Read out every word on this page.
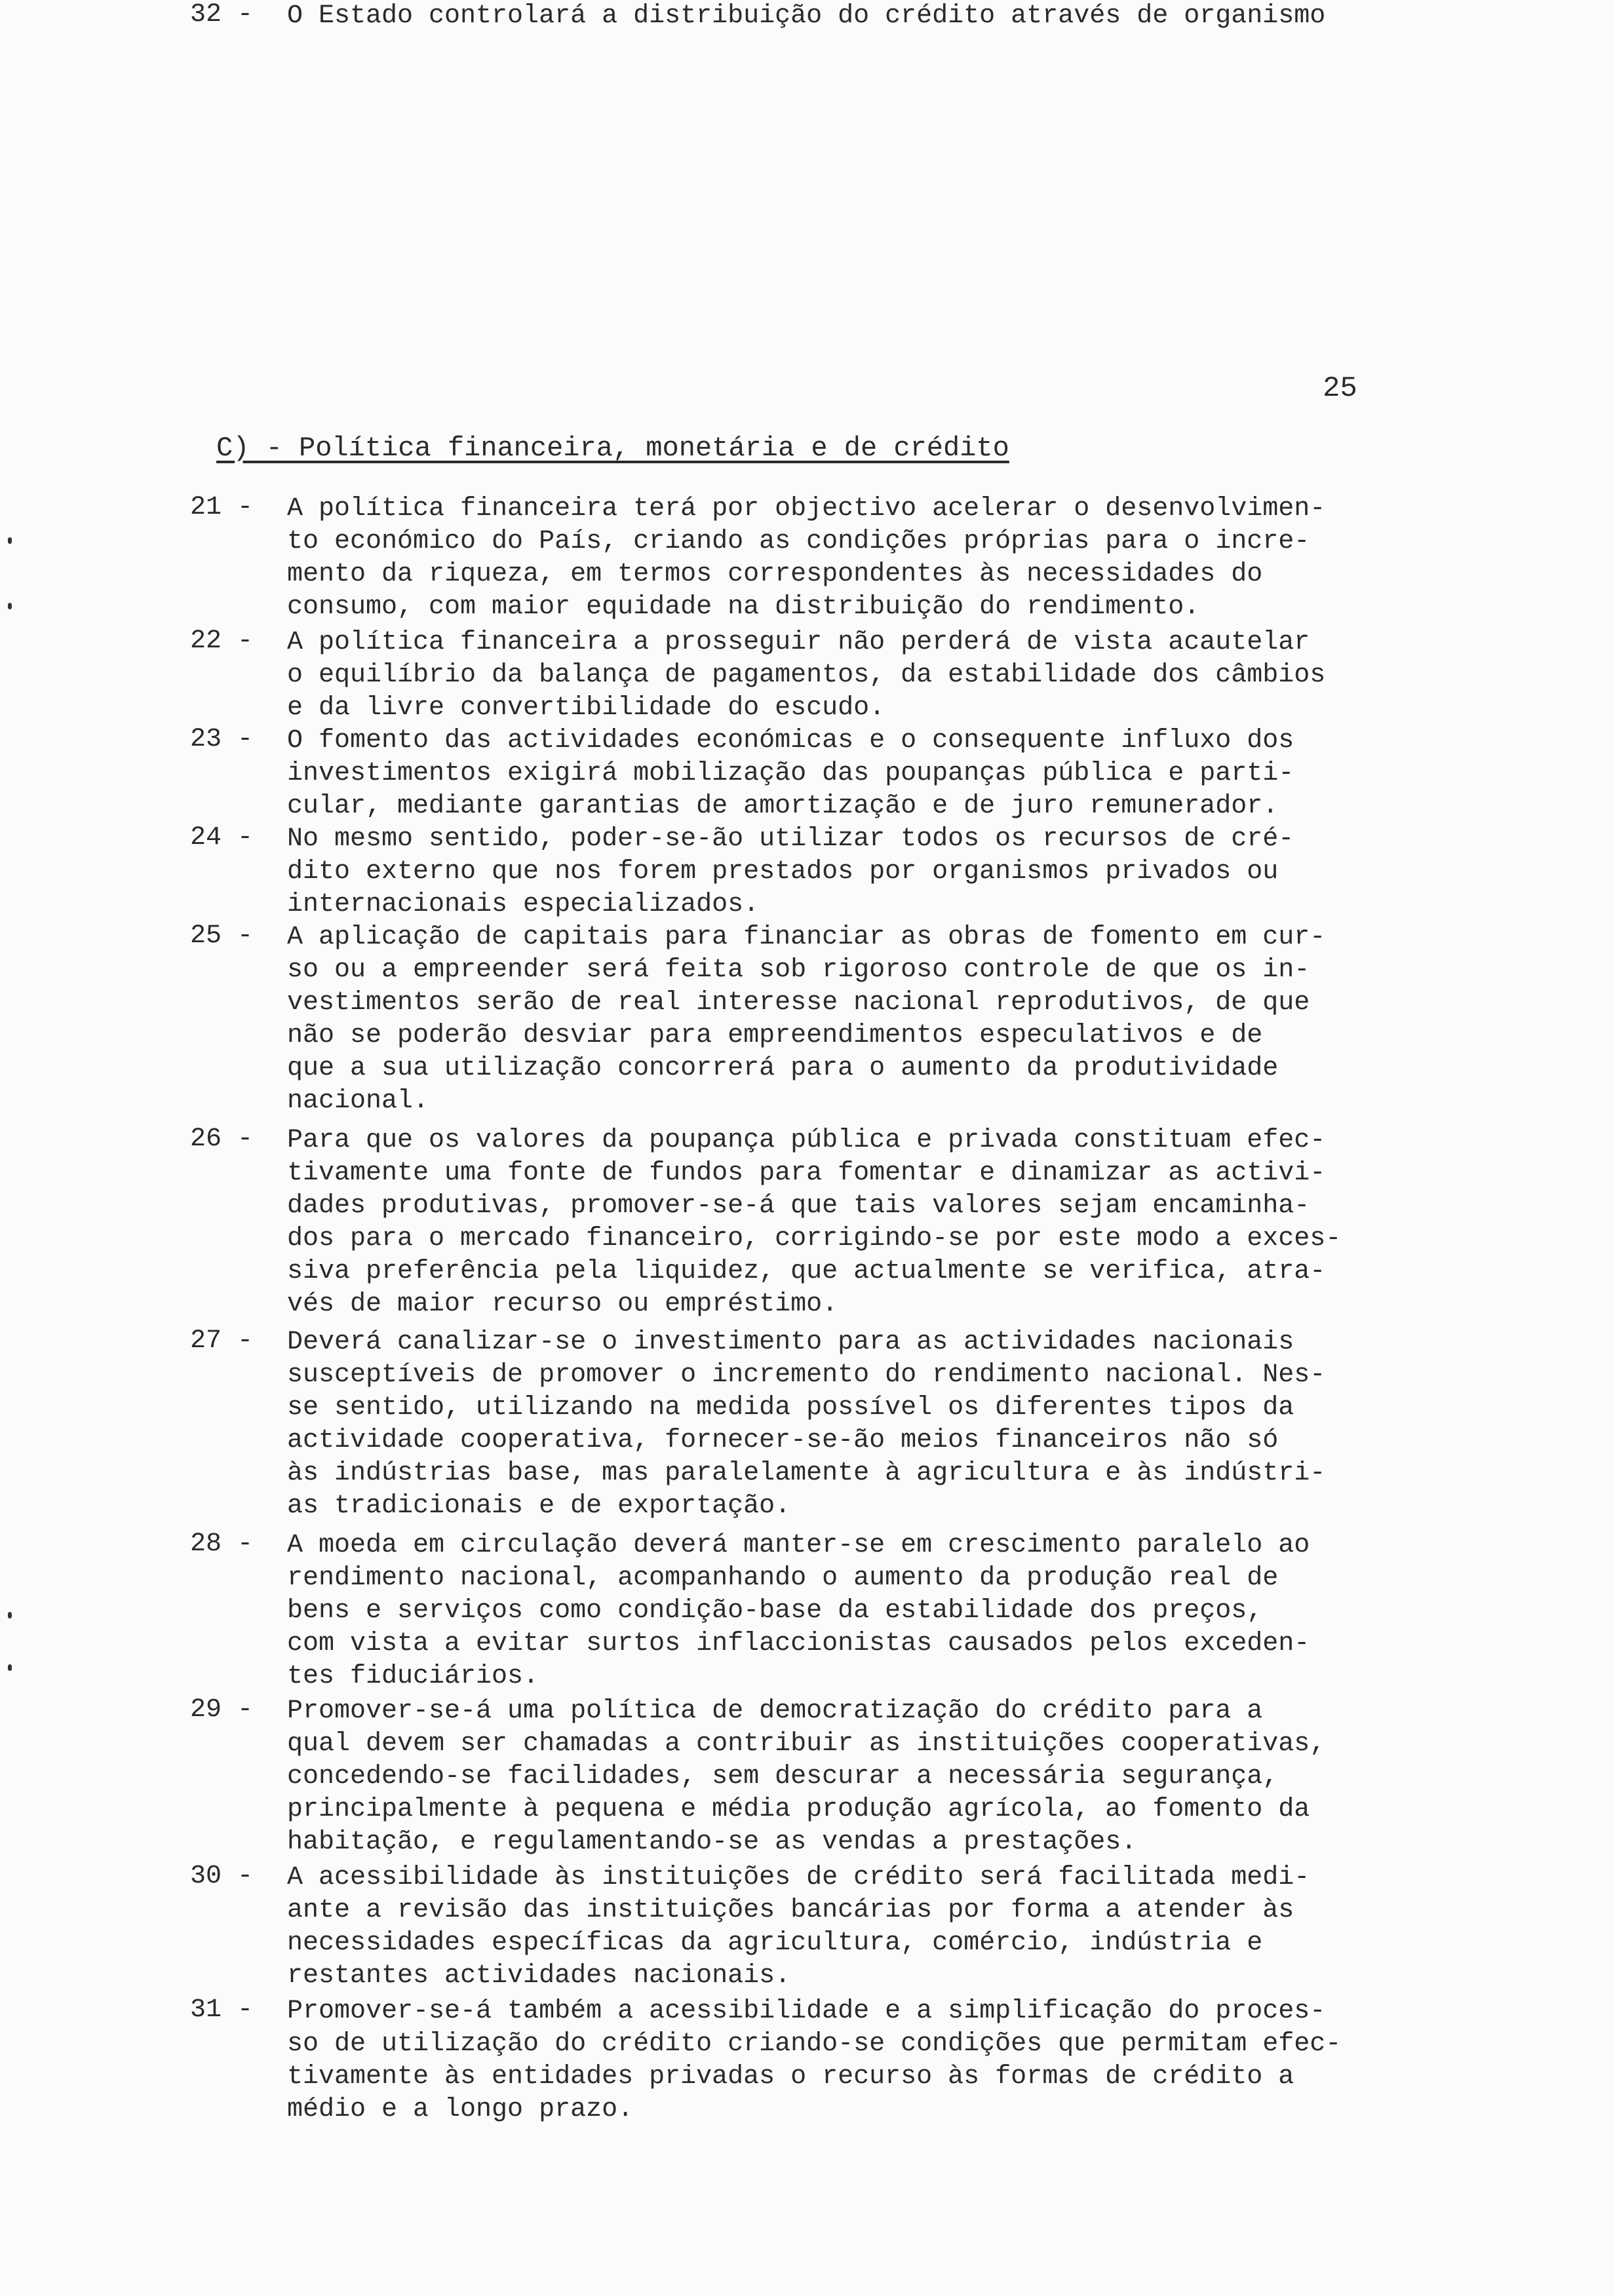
25
C) - Política financeira, monetária e de crédito
21 -	A política financeira terá por objectivo acelerar o desenvolvimen-
to económico do País, criando as condições próprias para o incre-
mento da riqueza, em termos correspondentes às necessidades do
consumo, com maior equidade na distribuição do rendimento.
22 -	A política financeira a prosseguir não perderá de vista acautelar
o equilíbrio da balança de pagamentos, da estabilidade dos câmbios
e da livre convertibilidade do escudo.
23 -	O fomento das actividades económicas e o consequente influxo dos
investimentos exigirá mobilização das poupanças pública e parti-
cular, mediante garantias de amortização e de juro remunerador.
24 -	No mesmo sentido, poder-se-ão utilizar todos os recursos de cré-
dito externo que nos forem prestados por organismos privados ou
internacionais especializados.
25 -	A aplicação de capitais para financiar as obras de fomento em cur-
so ou a empreender será feita sob rigoroso controle de que os in-
vestimentos serão de real interesse nacional reprodutivos, de que
não se poderão desviar para empreendimentos especulativos e de
que a sua utilização concorrerá para o aumento da produtividade
nacional.
26 -	Para que os valores da poupança pública e privada constituam efec-
tivamente uma fonte de fundos para fomentar e dinamizar as activi-
dades produtivas, promover-se-á que tais valores sejam encaminha-
dos para o mercado financeiro, corrigindo-se por este modo a exces-
siva preferência pela liquidez, que actualmente se verifica, atra-
vés de maior recurso ou empréstimo.
27 -	Deverá canalizar-se o investimento para as actividades nacionais
susceptíveis de promover o incremento do rendimento nacional. Nes-
se sentido, utilizando na medida possível os diferentes tipos da
actividade cooperativa, fornecer-se-ão meios financeiros não só
às indústrias base, mas paralelamente à agricultura e às indústri-
as tradicionais e de exportação.
28 -	A moeda em circulação deverá manter-se em crescimento paralelo ao
rendimento nacional, acompanhando o aumento da produção real de
bens e serviços como condição-base da estabilidade dos preços,
com vista a evitar surtos inflaccionistas causados pelos exceden-
tes fiduciários.
29 -	Promover-se-á uma política de democratização do crédito para a
qual devem ser chamadas a contribuir as instituições cooperativas,
concedendo-se facilidades, sem descurar a necessária segurança,
principalmente à pequena e média produção agrícola, ao fomento da
habitação, e regulamentando-se as vendas a prestações.
30 -	A acessibilidade às instituições de crédito será facilitada medi-
ante a revisão das instituições bancárias por forma a atender às
necessidades específicas da agricultura, comércio, indústria e
restantes actividades nacionais.
31 -	Promover-se-á também a acessibilidade e a simplificação do proces-
so de utilização do crédito criando-se condições que permitam efec-
tivamente às entidades privadas o recurso às formas de crédito a
médio e a longo prazo.
32 -	O Estado controlará a distribuição do crédito através de organismo
